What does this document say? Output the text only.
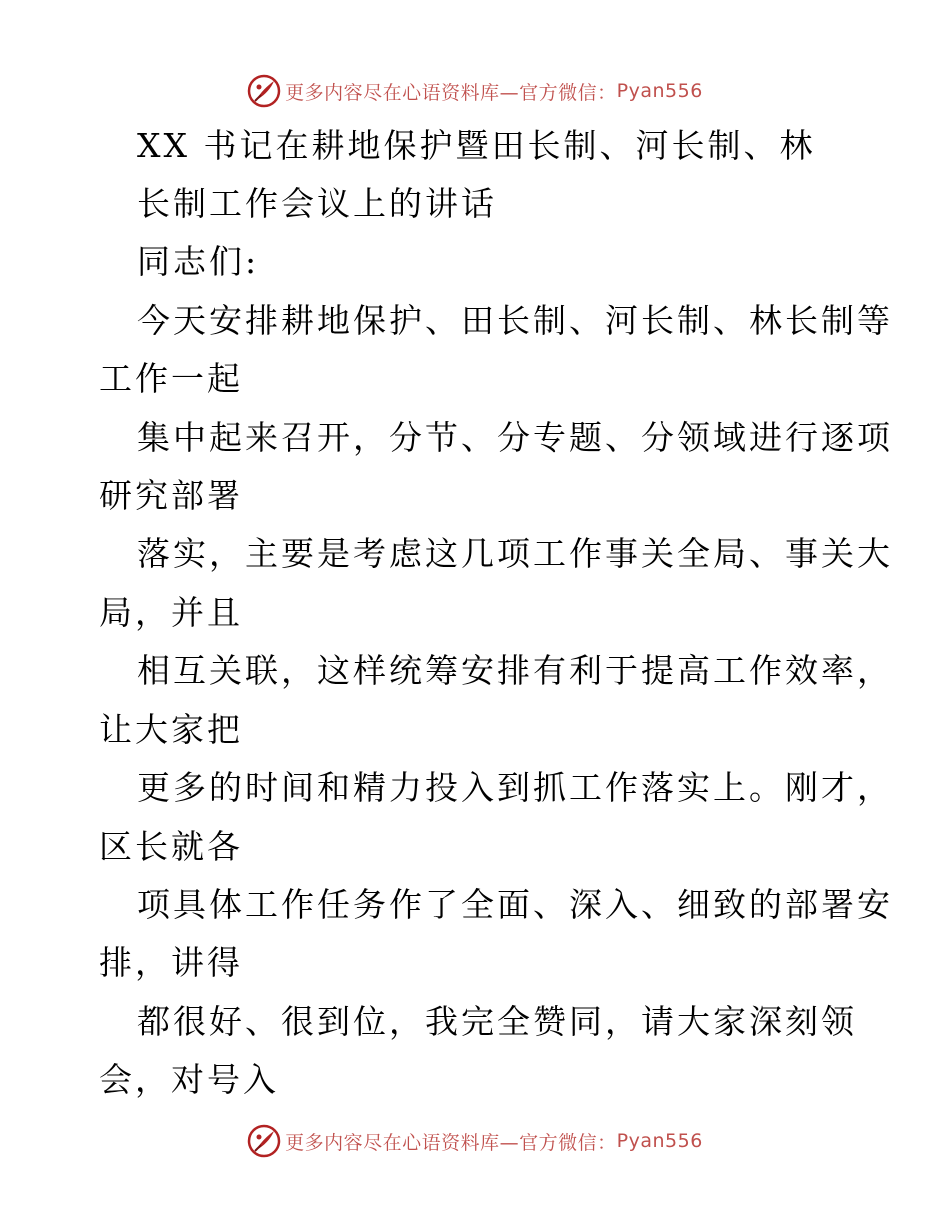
更多内容尽在心语资料库—官方微信： Pyan556
XX 书记在耕地保护暨田长制、河长制、林
长制工作会议上的讲话
同志们:
今天安排耕地保护、田长制、河长制、林长制等
工作一起
集中起来召开，分节、分专题、分领域进行逐项
研究部署
落实，主要是考虑这几项工作事关全局、事关大
局，并且
相互关联，这样统筹安排有利于提高工作效率，
让大家把
更多的时间和精力投入到抓工作落实上。刚才，
区长就各
项具体工作任务作了全面、深入、细致的部署安
排，讲得
都很好、很到位，我完全赞同，请大家深刻领
会，对号入
更多内容尽在心语资料库—官方微信： Pyan556
